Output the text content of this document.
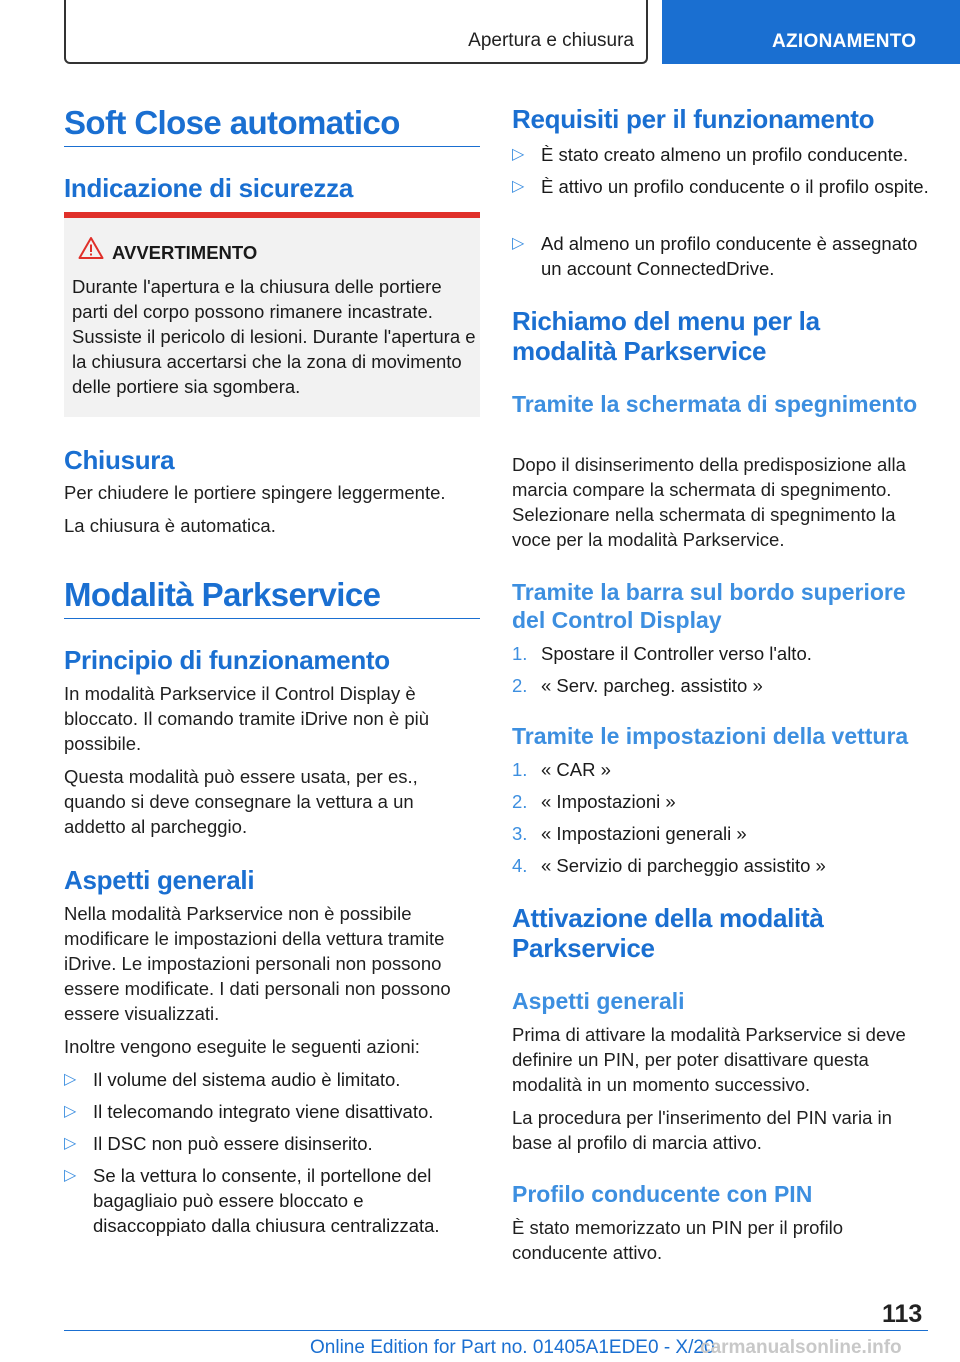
Apertura e chiusura	AZIONAMENTO
Soft Close automatico
Indicazione di sicurezza
AVVERTIMENTO
Durante l'apertura e la chiusura delle portiere parti del corpo possono rimanere incastrate. Sussiste il pericolo di lesioni. Durante l'apertura e la chiusura accertarsi che la zona di movimento delle portiere sia sgombera.
Chiusura
Per chiudere le portiere spingere leggermente.
La chiusura è automatica.
Modalità Parkservice
Principio di funzionamento
In modalità Parkservice il Control Display è bloccato. Il comando tramite iDrive non è più possibile.
Questa modalità può essere usata, per es., quando si deve consegnare la vettura a un addetto al parcheggio.
Aspetti generali
Nella modalità Parkservice non è possibile modificare le impostazioni della vettura tramite iDrive. Le impostazioni personali non possono essere modificate. I dati personali non possono essere visualizzati.
Inoltre vengono eseguite le seguenti azioni:
▷ Il volume del sistema audio è limitato.
▷ Il telecomando integrato viene disattivato.
▷ Il DSC non può essere disinserito.
▷ Se la vettura lo consente, il portellone del bagagliaio può essere bloccato e disaccoppiato dalla chiusura centralizzata.
Requisiti per il funzionamento
▷ È stato creato almeno un profilo conducente.
▷ È attivo un profilo conducente o il profilo ospite.
▷ Ad almeno un profilo conducente è assegnato un account ConnectedDrive.
Richiamo del menu per la modalità Parkservice
Tramite la schermata di spegnimento
Dopo il disinserimento della predisposizione alla marcia compare la schermata di spegnimento. Selezionare nella schermata di spegnimento la voce per la modalità Parkservice.
Tramite la barra sul bordo superiore del Control Display
1. Spostare il Controller verso l'alto.
2. « Serv. parcheg. assistito »
Tramite le impostazioni della vettura
1. « CAR »
2. « Impostazioni »
3. « Impostazioni generali »
4. « Servizio di parcheggio assistito »
Attivazione della modalità Parkservice
Aspetti generali
Prima di attivare la modalità Parkservice si deve definire un PIN, per poter disattivare questa modalità in un momento successivo.
La procedura per l'inserimento del PIN varia in base al profilo di marcia attivo.
Profilo conducente con PIN
È stato memorizzato un PIN per il profilo conducente attivo.
113
Online Edition for Part no. 01405A1EDE0 - X/20
carmanualsonline.info
